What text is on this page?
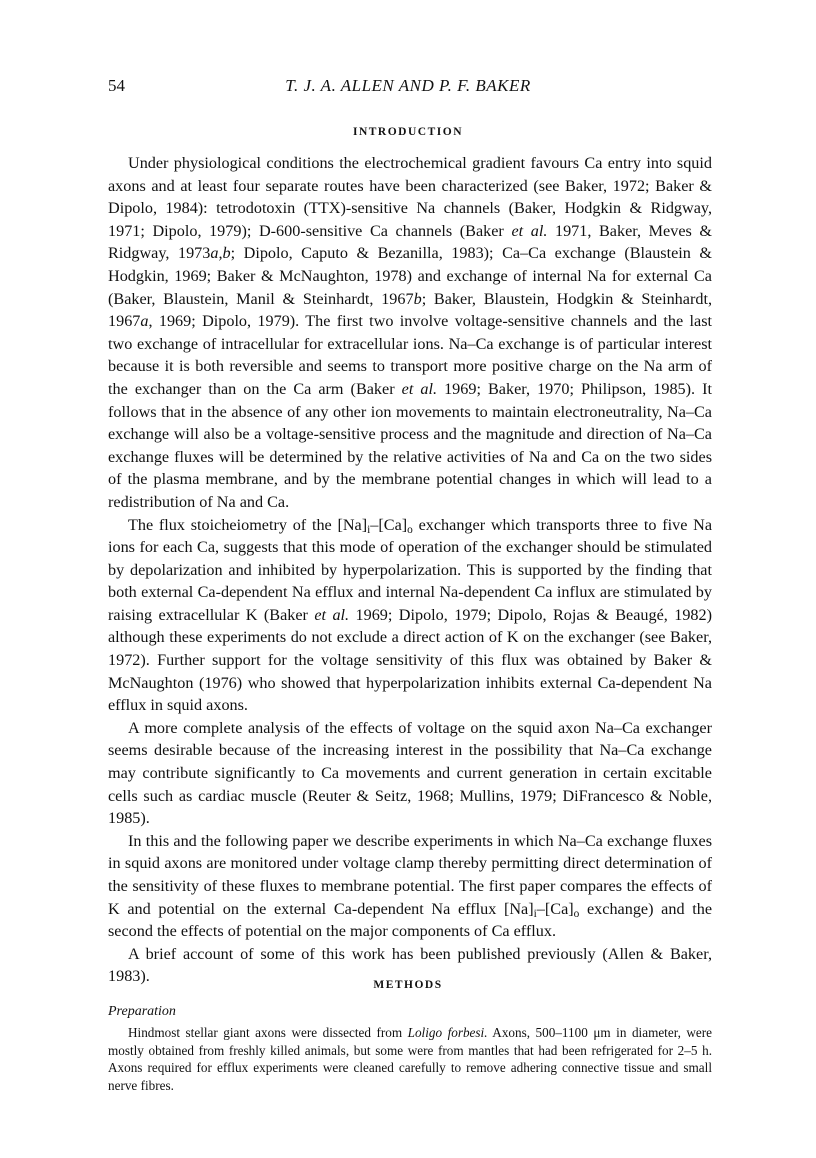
54	T. J. A. ALLEN AND P. F. BAKER
INTRODUCTION

Under physiological conditions the electrochemical gradient favours Ca entry into squid axons and at least four separate routes have been characterized (see Baker, 1972; Baker & Dipolo, 1984): tetrodotoxin (TTX)-sensitive Na channels (Baker, Hodgkin & Ridgway, 1971; Dipolo, 1979); D-600-sensitive Ca channels (Baker et al. 1971, Baker, Meves & Ridgway, 1973a,b; Dipolo, Caputo & Bezanilla, 1983); Ca–Ca exchange (Blaustein & Hodgkin, 1969; Baker & McNaughton, 1978) and exchange of internal Na for external Ca (Baker, Blaustein, Manil & Steinhardt, 1967b; Baker, Blaustein, Hodgkin & Steinhardt, 1967a, 1969; Dipolo, 1979). The first two involve voltage-sensitive channels and the last two exchange of intracellular for extracellular ions. Na–Ca exchange is of particular interest because it is both reversible and seems to transport more positive charge on the Na arm of the exchanger than on the Ca arm (Baker et al. 1969; Baker, 1970; Philipson, 1985). It follows that in the absence of any other ion movements to maintain electroneutrality, Na–Ca exchange will also be a voltage-sensitive process and the magnitude and direction of Na–Ca exchange fluxes will be determined by the relative activities of Na and Ca on the two sides of the plasma membrane, and by the membrane potential changes in which will lead to a redistribution of Na and Ca.

The flux stoicheiometry of the $[Na]_i-[Ca]_o$ exchanger which transports three to five Na ions for each Ca, suggests that this mode of operation of the exchanger should be stimulated by depolarization and inhibited by hyperpolarization. This is supported by the finding that both external Ca-dependent Na efflux and internal Na-dependent Ca influx are stimulated by raising extracellular K (Baker et al. 1969; Dipolo, 1979; Dipolo, Rojas & Beaugé, 1982) although these experiments do not exclude a direct action of K on the exchanger (see Baker, 1972). Further support for the voltage sensitivity of this flux was obtained by Baker & McNaughton (1976) who showed that hyperpolarization inhibits external Ca-dependent Na efflux in squid axons.

A more complete analysis of the effects of voltage on the squid axon Na–Ca exchanger seems desirable because of the increasing interest in the possibility that Na–Ca exchange may contribute significantly to Ca movements and current generation in certain excitable cells such as cardiac muscle (Reuter & Seitz, 1968; Mullins, 1979; DiFrancesco & Noble, 1985).

In this and the following paper we describe experiments in which Na–Ca exchange fluxes in squid axons are monitored under voltage clamp thereby permitting direct determination of the sensitivity of these fluxes to membrane potential. The first paper compares the effects of K and potential on the external Ca-dependent Na efflux $[Na]_i-[Ca]_o$ exchange) and the second the effects of potential on the major components of Ca efflux.

A brief account of some of this work has been published previously (Allen & Baker, 1983).	METHODS
Preparation

Hindmost stellar giant axons were dissected from Loligo forbesi. Axons, 500–1100 μm in diameter, were mostly obtained from freshly killed animals, but some were from mantles that had been refrigerated for 2–5 h. Axons required for efflux experiments were cleaned carefully to remove adhering connective tissue and small nerve fibres.
